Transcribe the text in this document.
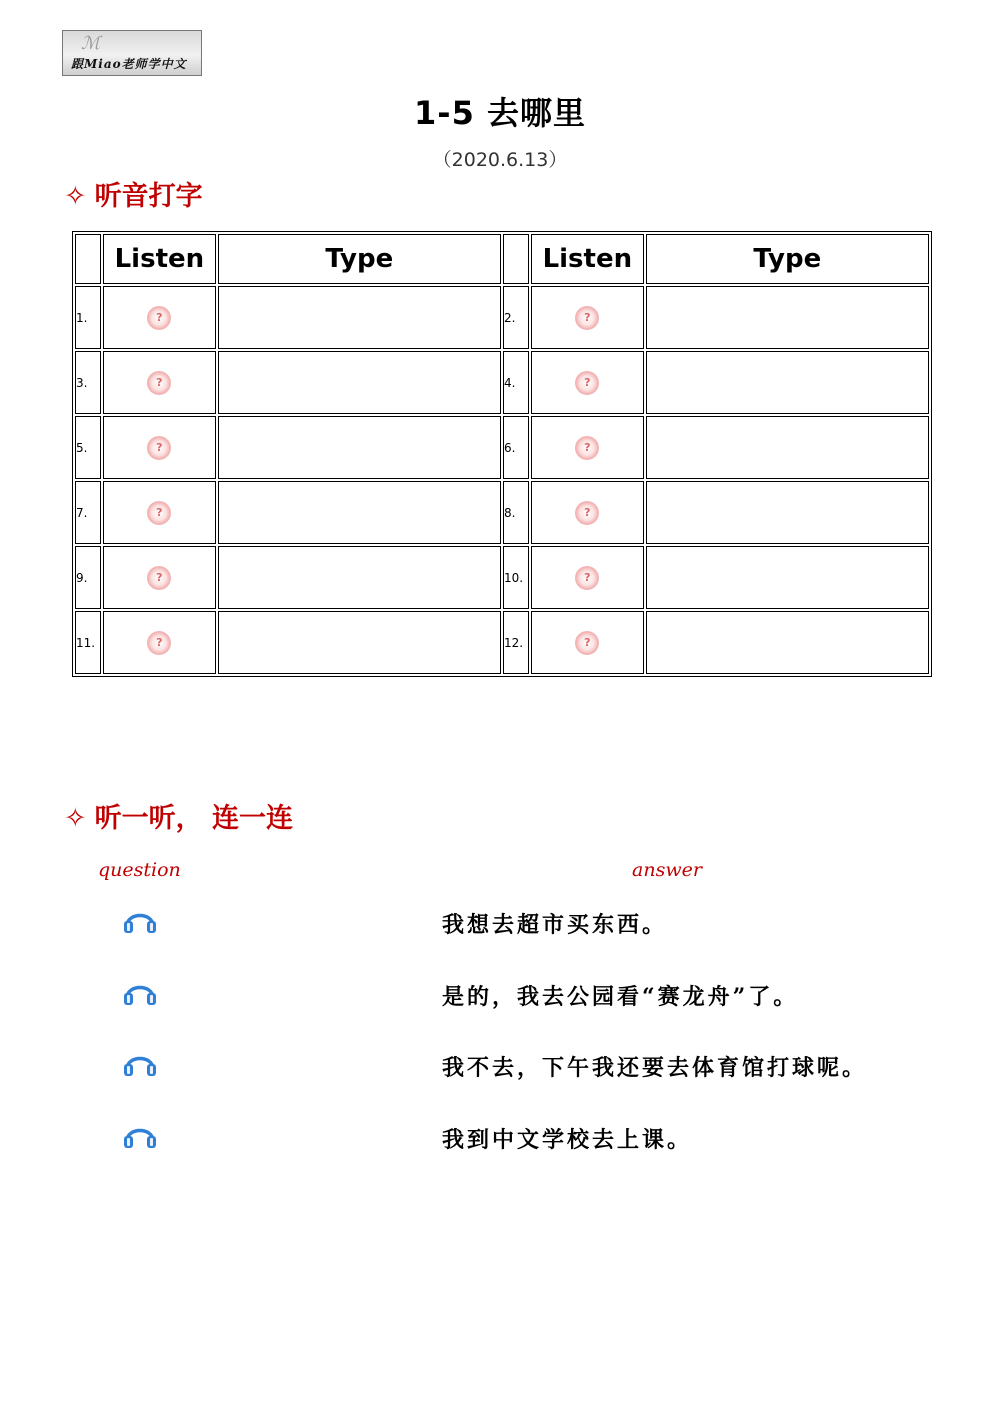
ℳ
跟Miao老师学中文
1-5 去哪里
（2020.6.13）
✧ 听音打字
	Listen	Type		Listen	Type
1.	?		2.	?	

3.	?		4.	?	

5.	?		6.	?	

7.	?		8.	?	

9.	?		10.	?	

11.	?		12.	?	

✧ 听一听， 连一连
question	answer
我想去超市买东西。
是的，我去公园看“赛龙舟”了。
我不去，下午我还要去体育馆打球呢。
我到中文学校去上课。
